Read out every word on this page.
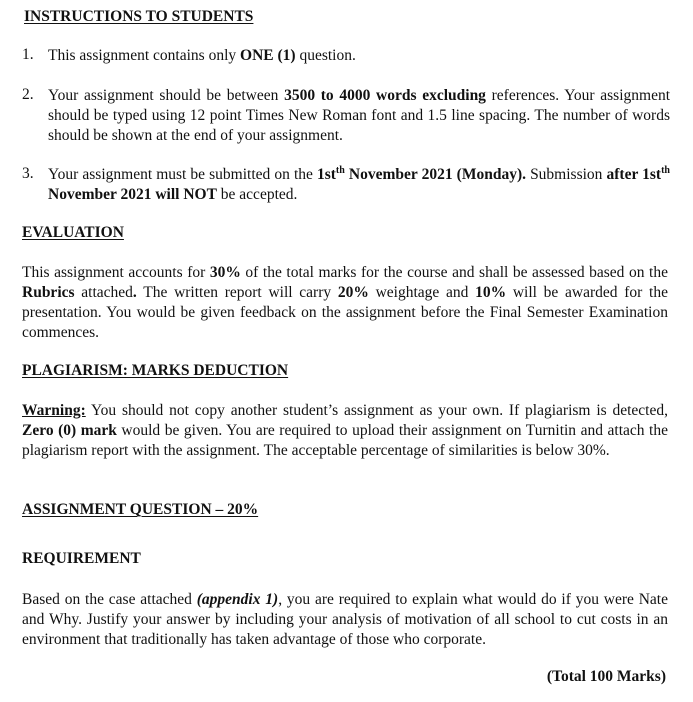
INSTRUCTIONS TO STUDENTS
1. This assignment contains only ONE (1) question.
2. Your assignment should be between 3500 to 4000 words excluding references. Your assignment should be typed using 12 point Times New Roman font and 1.5 line spacing. The number of words should be shown at the end of your assignment.
3. Your assignment must be submitted on the $1st^{th}$ November 2021 (Monday). Submission after $1st^{th}$ November 2021 will NOT be accepted.
EVALUATION
This assignment accounts for 30% of the total marks for the course and shall be assessed based on the Rubrics attached. The written report will carry 20% weightage and 10% will be awarded for the presentation. You would be given feedback on the assignment before the Final Semester Examination commences.
PLAGIARISM: MARKS DEDUCTION
Warning: You should not copy another student’s assignment as your own. If plagiarism is detected, Zero (0) mark would be given. You are required to upload their assignment on Turnitin and attach the plagiarism report with the assignment. The acceptable percentage of similarities is below 30%.
ASSIGNMENT QUESTION – 20%
REQUIREMENT
Based on the case attached (appendix 1), you are required to explain what would do if you were Nate and Why. Justify your answer by including your analysis of motivation of all school to cut costs in an environment that traditionally has taken advantage of those who corporate.
(Total 100 Marks)
